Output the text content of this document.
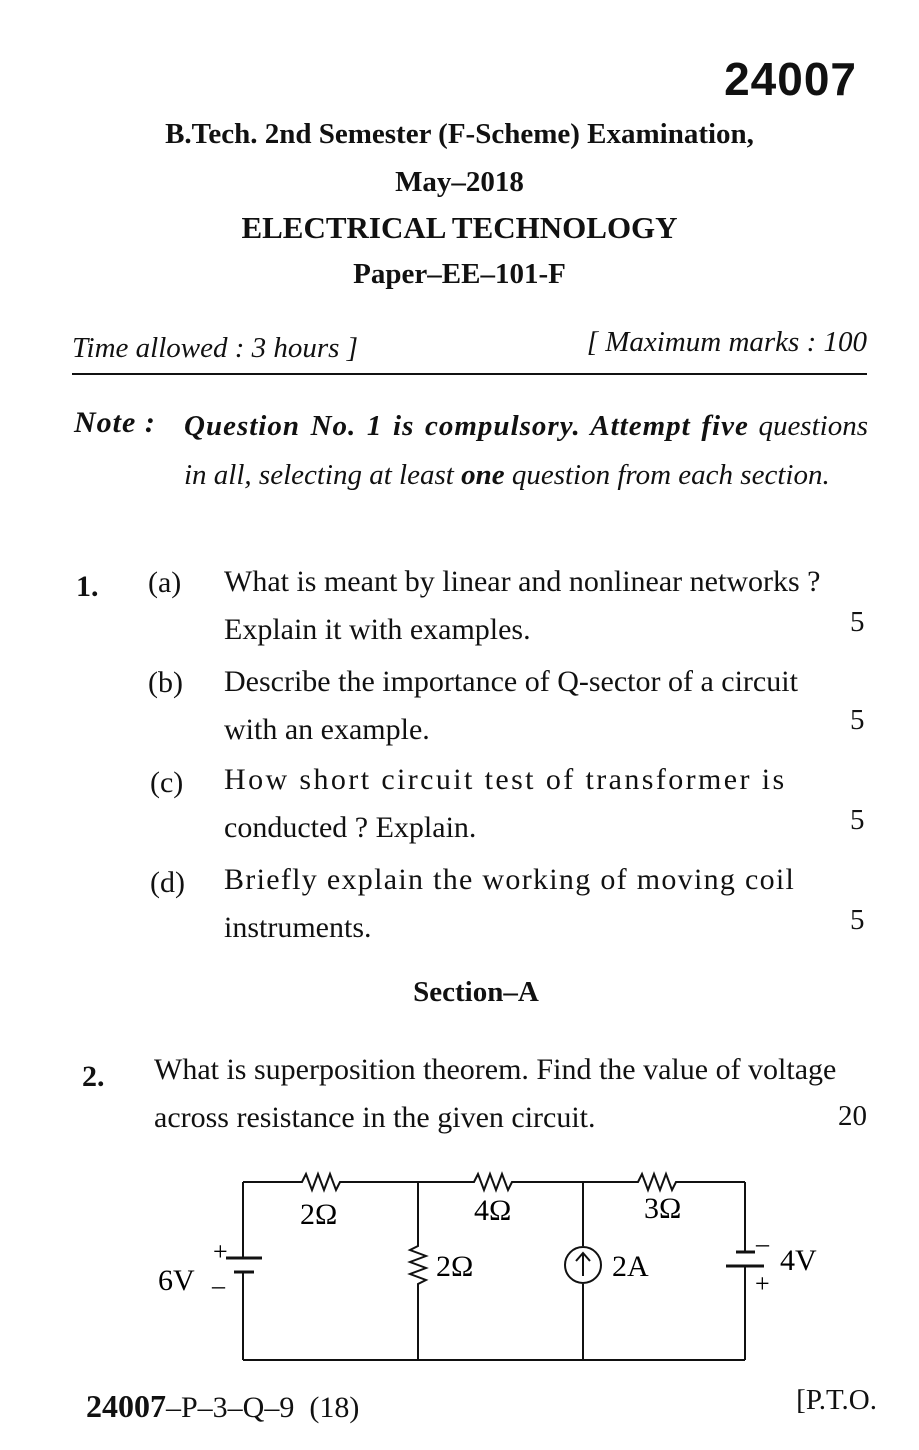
24007
B.Tech. 2nd Semester (F-Scheme) Examination,
May–2018
ELECTRICAL TECHNOLOGY
Paper–EE–101-F
Time allowed : 3 hours ]	[ Maximum marks : 100
Note : Question No. 1 is compulsory. Attempt five questions in all, selecting at least one question from each section.
1. (a) What is meant by linear and nonlinear networks ?
Explain it with examples.	5
(b) Describe the importance of Q-sector of a circuit
with an example.	5
(c) How short circuit test of transformer is
conducted ? Explain.	5
(d) Briefly explain the working of moving coil
instruments.	5
Section–A
2. What is superposition theorem. Find the value of voltage
across resistance in the given circuit.	20
2Ω	4Ω	3Ω
2Ω	2A
6V
+
–
–
+
4V
24007–P–3–Q–9  (18)	[P.T.O.
